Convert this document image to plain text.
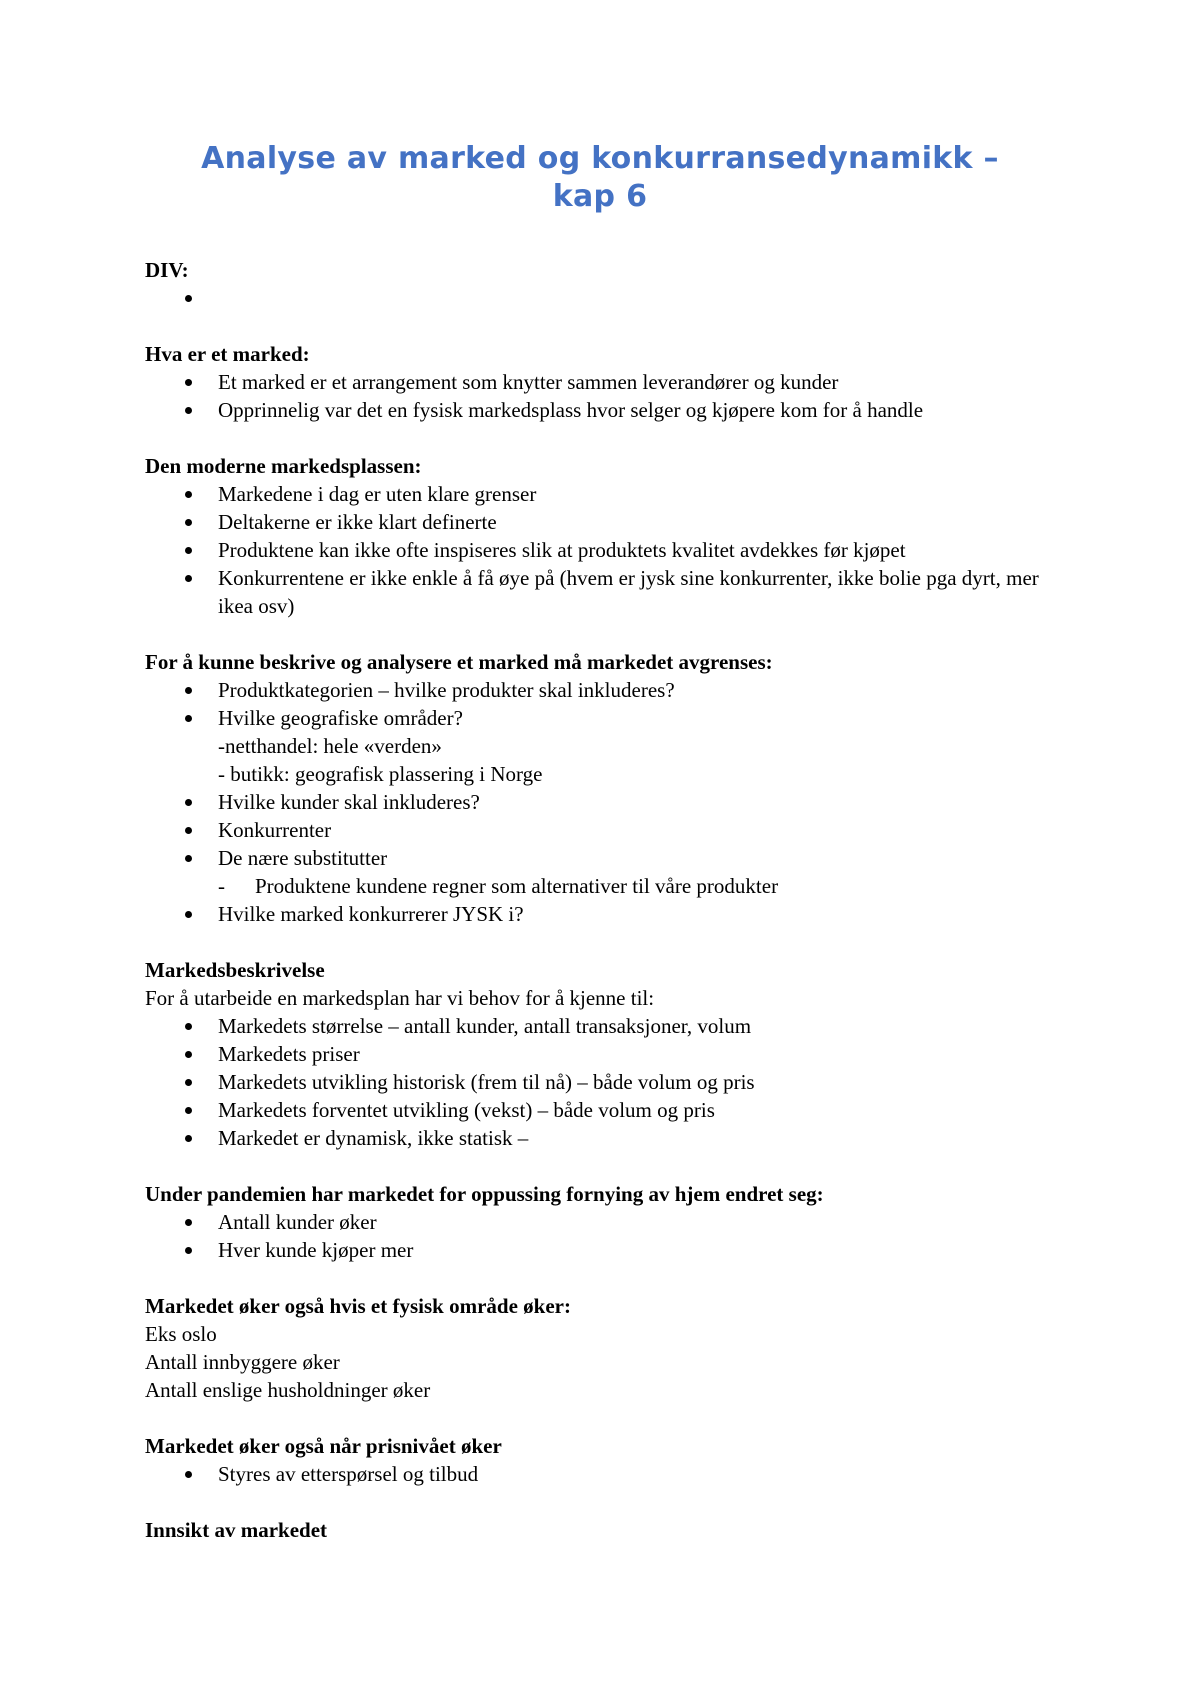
Analyse av marked og konkurransedynamikk –
kap 6
DIV:

Hva er et marked:
Et marked er et arrangement som knytter sammen leverandører og kunder
Opprinnelig var det en fysisk markedsplass hvor selger og kjøpere kom for å handle
Den moderne markedsplassen:
Markedene i dag er uten klare grenser
Deltakerne er ikke klart definerte
Produktene kan ikke ofte inspiseres slik at produktets kvalitet avdekkes før kjøpet
Konkurrentene er ikke enkle å få øye på (hvem er jysk sine konkurrenter, ikke bolie pga dyrt, mer ikea osv)
For å kunne beskrive og analysere et marked må markedet avgrenses:
Produktkategorien – hvilke produkter skal inkluderes?
Hvilke geografiske områder?
-netthandel: hele «verden»
- butikk: geografisk plassering i Norge
Hvilke kunder skal inkluderes?
Konkurrenter
De nære substitutter
- Produktene kundene regner som alternativer til våre produkter
Hvilke marked konkurrerer JYSK i?
Markedsbeskrivelse
For å utarbeide en markedsplan har vi behov for å kjenne til:
Markedets størrelse – antall kunder, antall transaksjoner, volum
Markedets priser
Markedets utvikling historisk (frem til nå) – både volum og pris
Markedets forventet utvikling (vekst) – både volum og pris
Markedet er dynamisk, ikke statisk –
Under pandemien har markedet for oppussing fornying av hjem endret seg:
Antall kunder øker
Hver kunde kjøper mer
Markedet øker også hvis et fysisk område øker:
Eks oslo
Antall innbyggere øker
Antall enslige husholdninger øker
Markedet øker også når prisnivået øker
Styres av etterspørsel og tilbud
Innsikt av markedet
